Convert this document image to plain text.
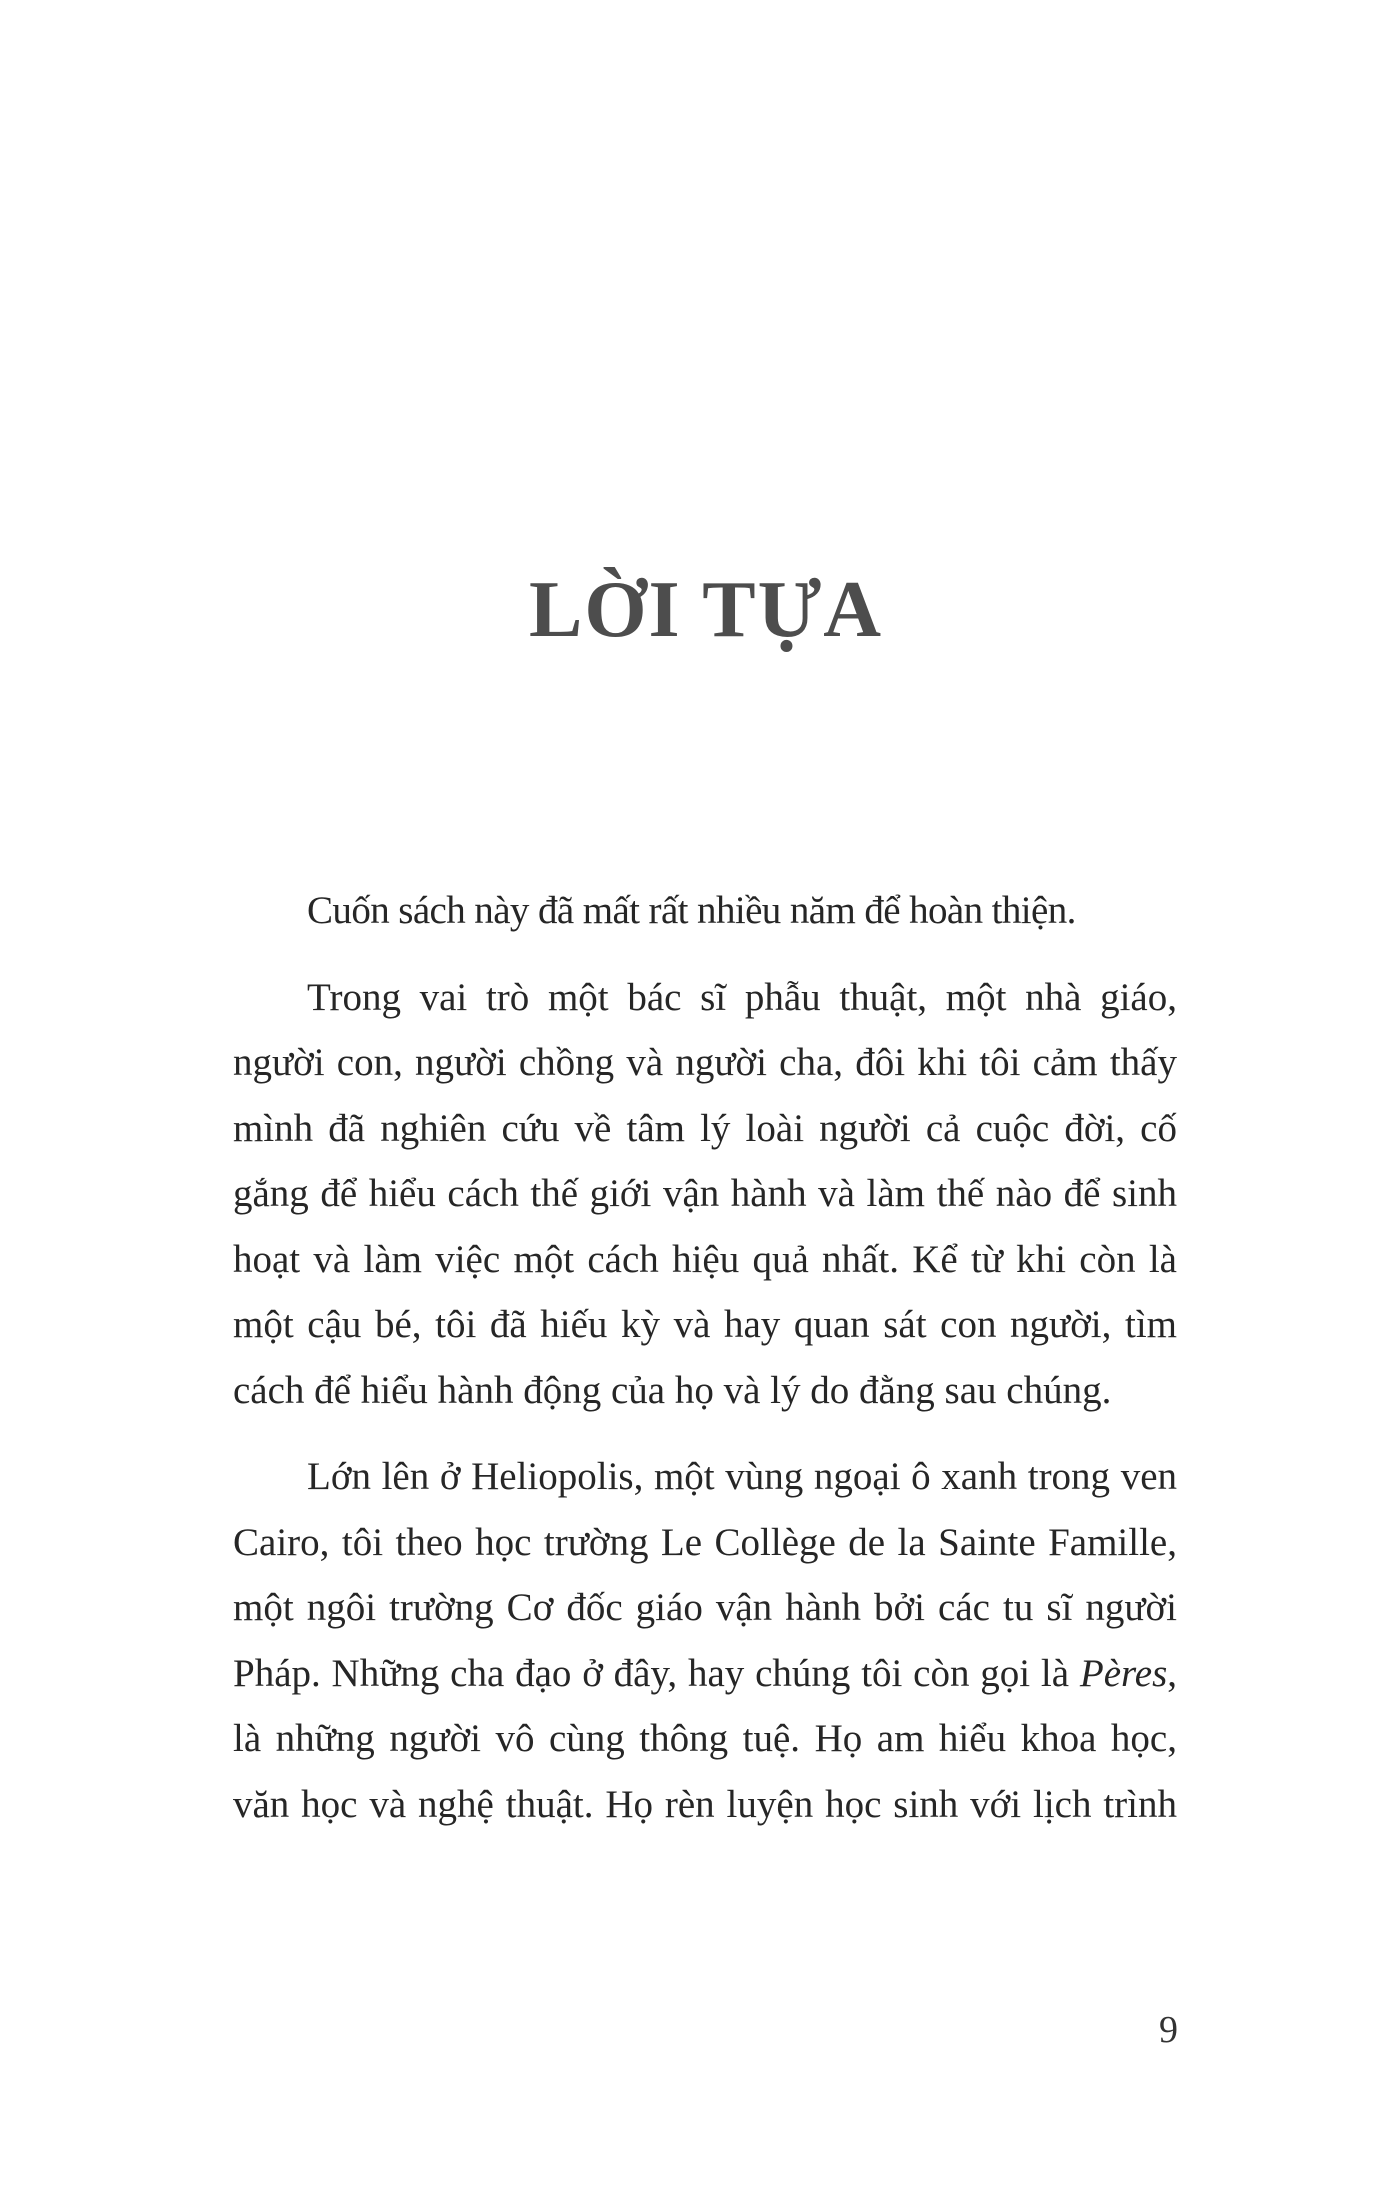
LỜI TỰA

Cuốn sách này đã mất rất nhiều năm để hoàn thiện.

Trong vai trò một bác sĩ phẫu thuật, một nhà giáo, người con, người chồng và người cha, đôi khi tôi cảm thấy mình đã nghiên cứu về tâm lý loài người cả cuộc đời, cố gắng để hiểu cách thế giới vận hành và làm thế nào để sinh hoạt và làm việc một cách hiệu quả nhất. Kể từ khi còn là một cậu bé, tôi đã hiếu kỳ và hay quan sát con người, tìm cách để hiểu hành động của họ và lý do đằng sau chúng.

Lớn lên ở Heliopolis, một vùng ngoại ô xanh trong ven Cairo, tôi theo học trường Le Collège de la Sainte Famille, một ngôi trường Cơ đốc giáo vận hành bởi các tu sĩ người Pháp. Những cha đạo ở đây, hay chúng tôi còn gọi là Pères, là những người vô cùng thông tuệ. Họ am hiểu khoa học, văn học và nghệ thuật. Họ rèn luyện học sinh với lịch trình

9
